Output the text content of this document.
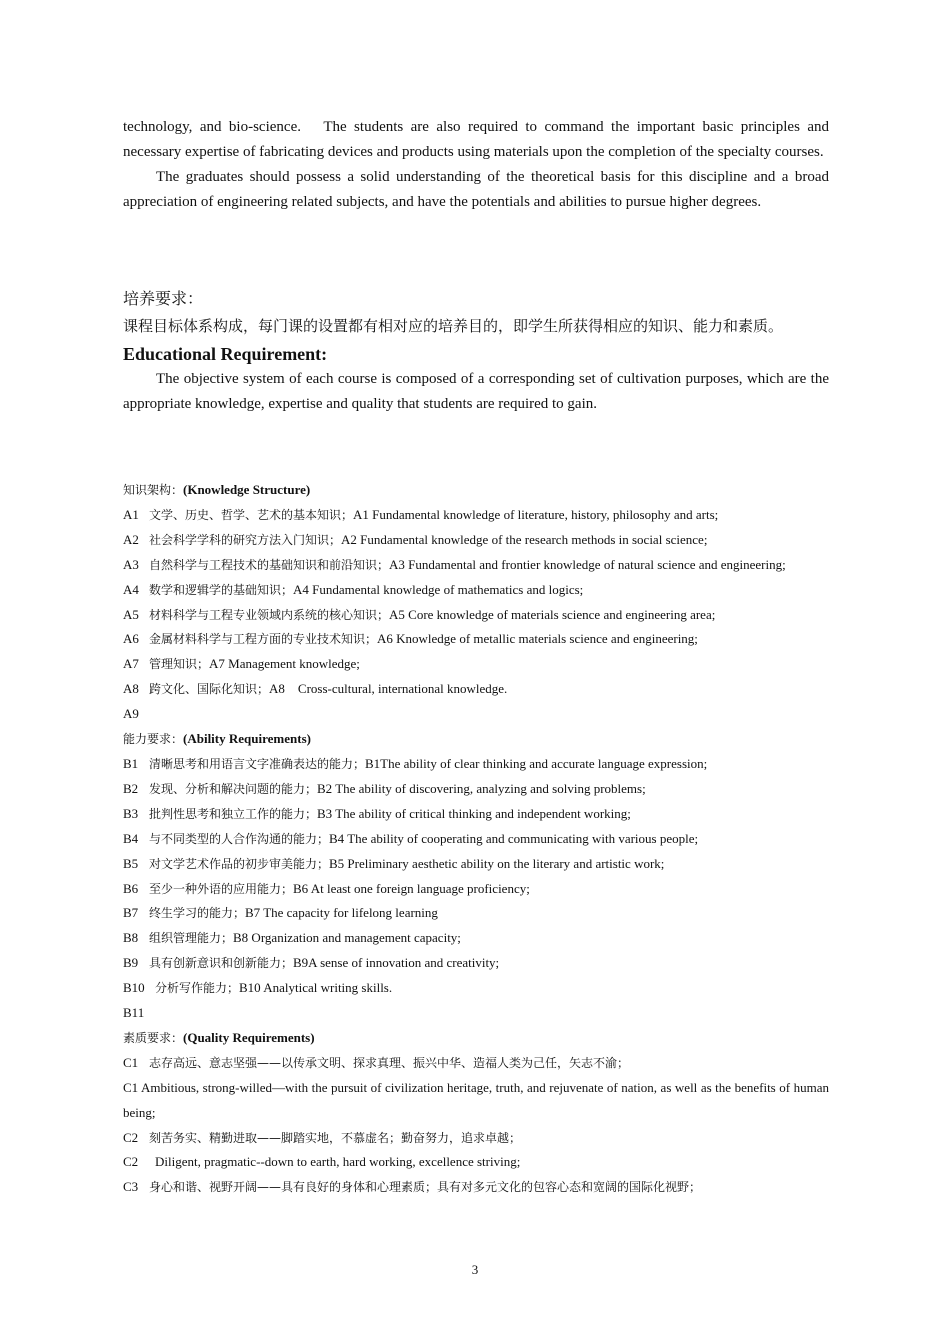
technology, and bio-science.　The students are also required to command the important basic principles and necessary expertise of fabricating devices and products using materials upon the completion of the specialty courses.

The graduates should possess a solid understanding of the theoretical basis for this discipline and a broad appreciation of engineering related subjects, and have the potentials and abilities to pursue higher degrees.

培养要求：

课程目标体系构成，每门课的设置都有相对应的培养目的，即学生所获得相应的知识、能力和素质。

Educational Requirement:

The objective system of each course is composed of a corresponding set of cultivation purposes, which are the appropriate knowledge, expertise and quality that students are required to gain.

知识架构：(Knowledge Structure)

A1 文学、历史、哲学、艺术的基本知识；A1 Fundamental knowledge of literature, history, philosophy and arts;

A2 社会科学学科的研究方法入门知识；A2 Fundamental knowledge of the research methods in social science;

A3 自然科学与工程技术的基础知识和前沿知识；A3 Fundamental and frontier knowledge of natural science and engineering;

A4 数学和逻辑学的基础知识；A4 Fundamental knowledge of mathematics and logics;

A5 材料科学与工程专业领域内系统的核心知识；A5 Core knowledge of materials science and engineering area;

A6 金属材料科学与工程方面的专业技术知识；A6 Knowledge of metallic materials science and engineering;

A7 管理知识；A7 Management knowledge;

A8 跨文化、国际化知识；A8　Cross-cultural, international knowledge.

A9

能力要求：(Ability Requirements)

B1 清晰思考和用语言文字准确表达的能力；B1The ability of clear thinking and accurate language expression;

B2 发现、分析和解决问题的能力；B2 The ability of discovering, analyzing and solving problems;

B3 批判性思考和独立工作的能力；B3 The ability of critical thinking and independent working;

B4 与不同类型的人合作沟通的能力；B4 The ability of cooperating and communicating with various people;

B5 对文学艺术作品的初步审美能力；B5 Preliminary aesthetic ability on the literary and artistic work;

B6 至少一种外语的应用能力；B6 At least one foreign language proficiency;

B7 终生学习的能力；B7 The capacity for lifelong learning

B8 组织管理能力；B8 Organization and management capacity;

B9 具有创新意识和创新能力；B9A sense of innovation and creativity;

B10 分析写作能力；B10 Analytical writing skills.

B11

素质要求：(Quality Requirements)

C1 志存高远、意志坚强——以传承文明、探求真理、振兴中华、造福人类为己任，矢志不渝；

C1 Ambitious, strong-willed—with the pursuit of civilization heritage, truth, and rejuvenate of nation, as well as the benefits of human being;

C2 刻苦务实、精勤进取——脚踏实地，不慕虚名；勤奋努力，追求卓越；

C2 Diligent, pragmatic--down to earth, hard working, excellence striving;

C3 身心和谐、视野开阔——具有良好的身体和心理素质；具有对多元文化的包容心态和宽阔的国际化视野；

3
